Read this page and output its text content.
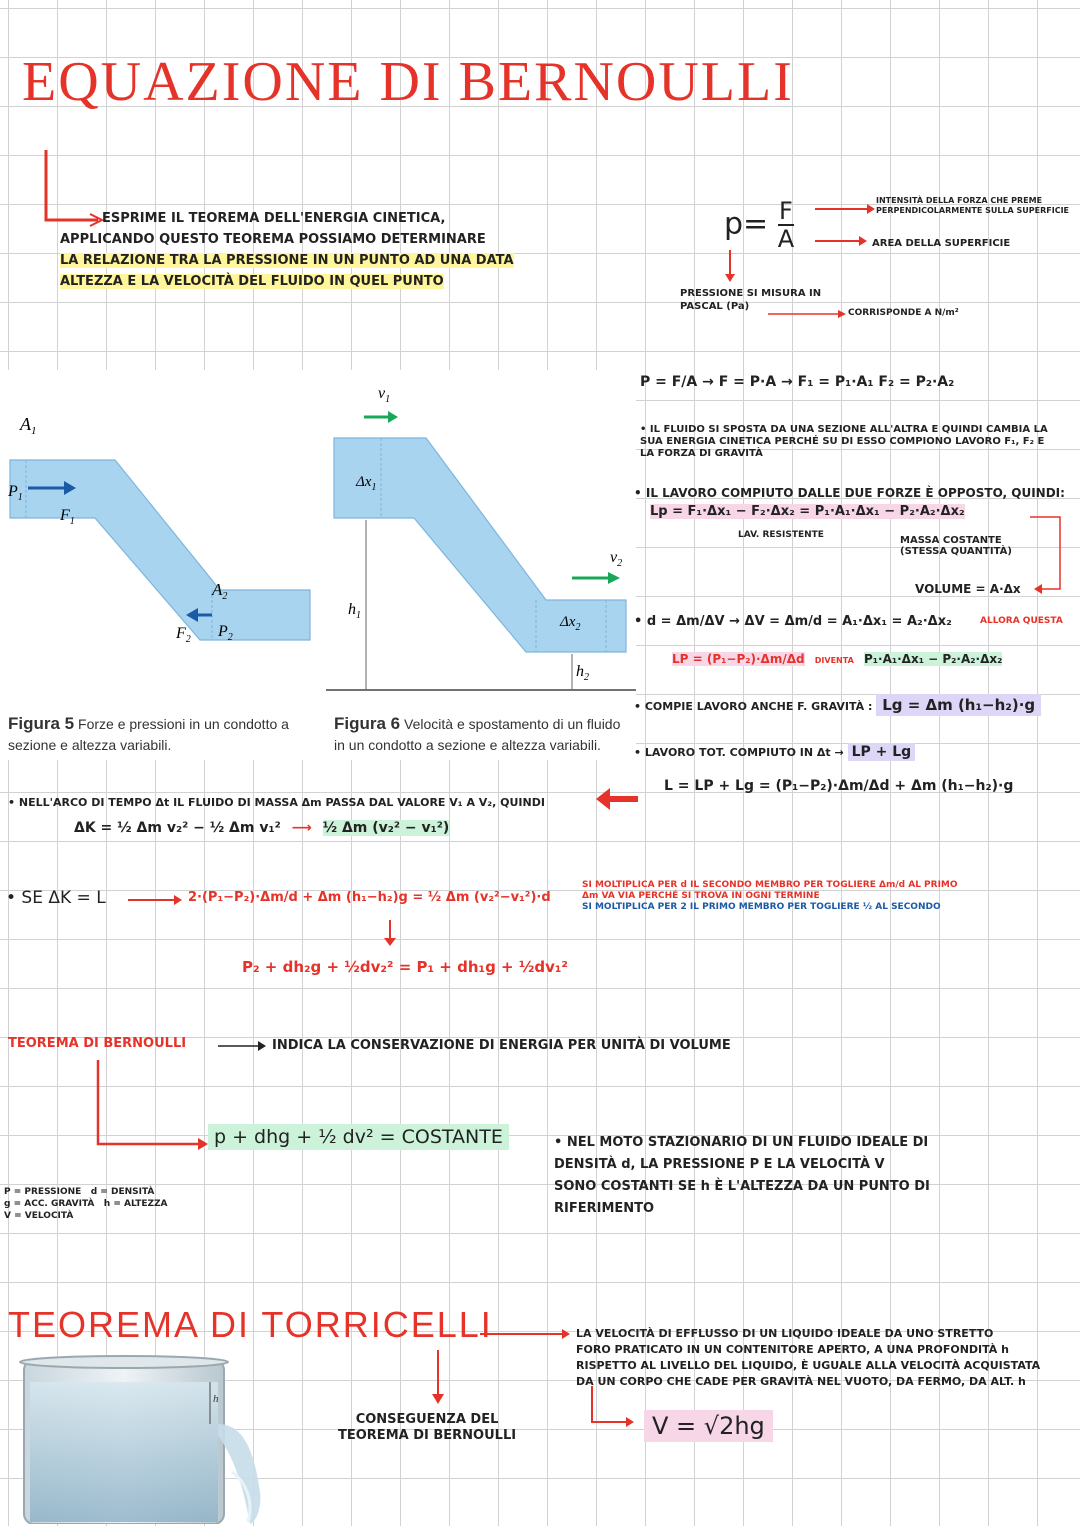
EQUAZIONE DI BERNOULLI
ESPRIME IL TEOREMA DELL'ENERGIA CINETICA,
APPLICANDO QUESTO TEOREMA POSSIAMO DETERMINARE
LA RELAZIONE TRA LA PRESSIONE IN UN PUNTO AD UNA DATA
ALTEZZA E LA VELOCITÀ DEL FLUIDO IN QUEL PUNTO
$p= \frac{F}{A}$	INTENSITÀ DELLA FORZA CHE PREME PERPENDICOLARMENTE SULLA SUPERFICIE
AREA DELLA SUPERFICIE
PRESSIONE SI MISURA IN
PASCAL (Pa)
CORRISPONDE A N/m²
$A_1$
$P_1$
$F_1$
$A_2$
$F_2$ $P_2$
$v_1$
$\Delta x_1$
$h_1$
$v_2$
$\Delta x_2$
$h_2$
Figura 5 Forze e pressioni in un condotto a sezione e altezza variabili.
Figura 6 Velocità e spostamento di un fluido in un condotto a sezione e altezza variabili.
P = F/A → F = P·A → F₁ = P₁·A₁ F₂ = P₂·A₂
• IL FLUIDO SI SPOSTA DA UNA SEZIONE ALL'ALTRA E QUINDI CAMBIA LA SUA ENERGIA CINETICA PERCHÉ SU DI ESSO COMPIONO LAVORO F₁, F₂ E LA FORZA DI GRAVITÀ
• IL LAVORO COMPIUTO DALLE DUE FORZE È OPPOSTO, QUINDI:
Lp = F₁·Δx₁ − F₂·Δx₂ = P₁·A₁·Δx₁ − P₂·A₂·Δx₂
LAV. RESISTENTE	MASSA COSTANTE
(STESSA QUANTITÀ)
VOLUME = A·Δx
• d = Δm/ΔV → ΔV = Δm/d = A₁·Δx₁ = A₂·Δx₂	ALLORA QUESTA
LP = (P₁−P₂)·Δm/Δd DIVENTA P₁·A₁·Δx₁ − P₂·A₂·Δx₂
• COMPIE LAVORO ANCHE F. GRAVITÀ : Lg = Δm (h₁−h₂)·g
• LAVORO TOT. COMPIUTO IN Δt → LP + Lg
L = LP + Lg = (P₁−P₂)·Δm/Δd + Δm (h₁−h₂)·g
• NELL'ARCO DI TEMPO Δt IL FLUIDO DI MASSA Δm PASSA DAL VALORE V₁ A V₂, QUINDI
ΔK = ½ Δm v₂² − ½ Δm v₁² ⟶ ½ Δm (v₂² − v₁²)
• SE ΔK = L	2·(P₁−P₂)·Δm/d + Δm (h₁−h₂)g = ½ Δm (v₂²−v₁²)·d
SI MOLTIPLICA PER d IL SECONDO MEMBRO PER TOGLIERE Δm/d AL PRIMO
Δm VA VIA PERCHÉ SI TROVA IN OGNI TERMINE
SI MOLTIPLICA PER 2 IL PRIMO MEMBRO PER TOGLIERE ½ AL SECONDO
P₂ + dh₂g + ½dv₂² = P₁ + dh₁g + ½dv₁²
TEOREMA DI BERNOULLI	INDICA LA CONSERVAZIONE DI ENERGIA PER UNITÀ DI VOLUME
p + dhg + ½ dv² = COSTANTE
P = PRESSIONE d = DENSITÀ
g = ACC. GRAVITÀ h = ALTEZZA
V = VELOCITÀ
• NEL MOTO STAZIONARIO DI UN FLUIDO IDEALE DI
DENSITÀ d, LA PRESSIONE P E LA VELOCITÀ V
SONO COSTANTI SE h È L'ALTEZZA DA UN PUNTO DI
RIFERIMENTO
TEOREMA DI TORRICELLI	LA VELOCITÀ DI EFFLUSSO DI UN LIQUIDO IDEALE DA UNO STRETTO
FORO PRATICATO IN UN CONTENITORE APERTO, A UNA PROFONDITÀ h
RISPETTO AL LIVELLO DEL LIQUIDO, È UGUALE ALLA VELOCITÀ ACQUISTATA
DA UN CORPO CHE CADE PER GRAVITÀ NEL VUOTO, DA FERMO, DA ALT. h
CONSEGUENZA DEL
TEOREMA DI BERNOULLI	V = √2hg
h
